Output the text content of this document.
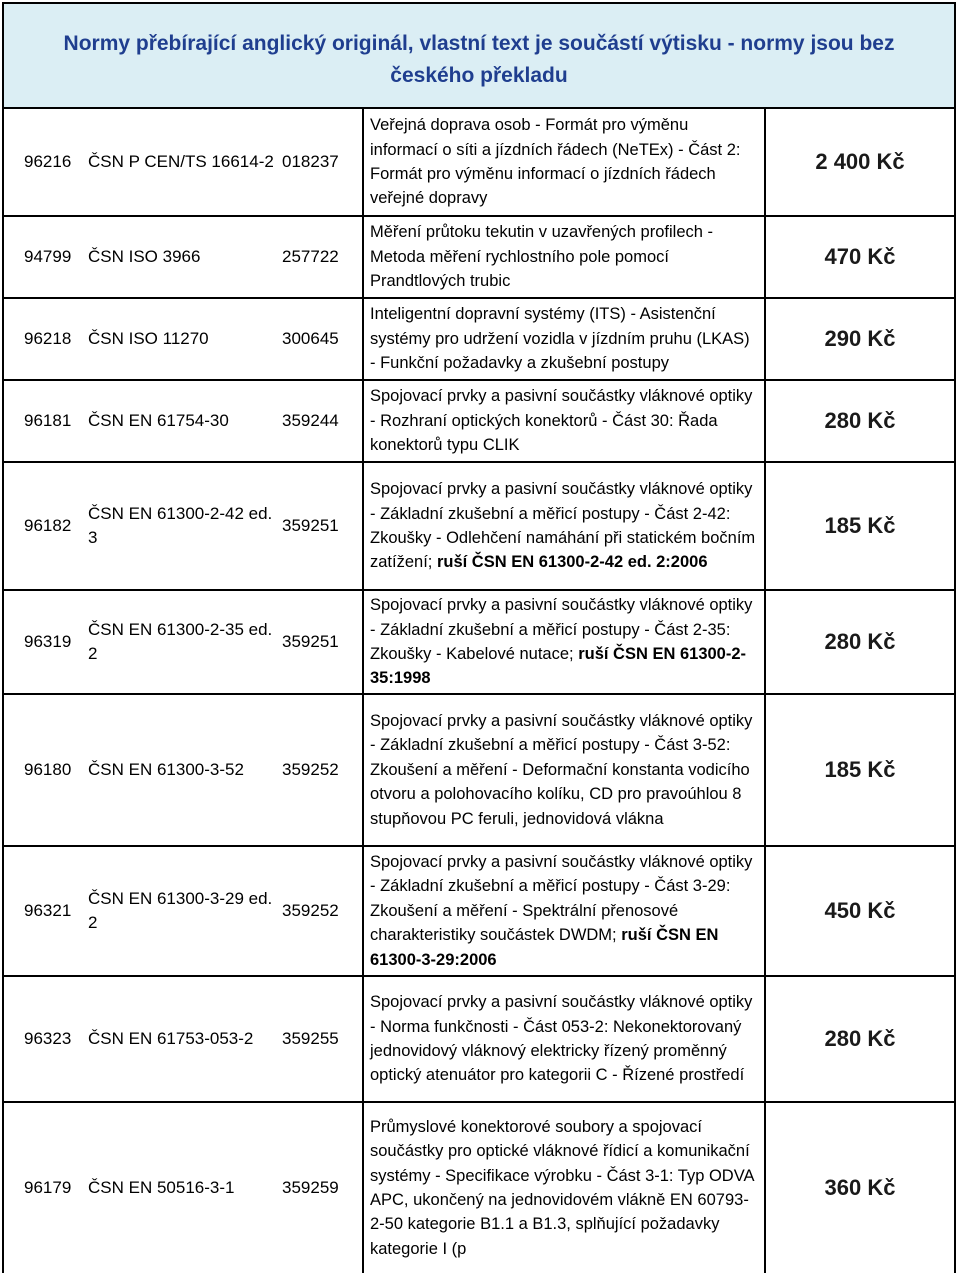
Normy přebírající anglický originál, vlastní text je součástí výtisku - normy jsou bez českého překladu
96216 ČSN P CEN/TS 16614-2 018237
Veřejná doprava osob - Formát pro výměnu informací o síti a jízdních řádech (NeTEx) - Část 2: Formát pro výměnu informací o jízdních řádech veřejné dopravy
2 400 Kč
94799 ČSN ISO 3966	257722
Měření průtoku tekutin v uzavřených profilech - Metoda měření rychlostního pole pomocí Prandtlových trubic
470 Kč
96218 ČSN ISO 11270	300645
Inteligentní dopravní systémy (ITS) - Asistenční systémy pro udržení vozidla v jízdním pruhu (LKAS) - Funkční požadavky a zkušební postupy
290 Kč
96181 ČSN EN 61754-30	359244
Spojovací prvky a pasivní součástky vláknové optiky - Rozhraní optických konektorů - Část 30: Řada konektorů typu CLIK
280 Kč
96182
ČSN EN 61300-2-42 ed. 3
359251
Spojovací prvky a pasivní součástky vláknové optiky - Základní zkušební a měřicí postupy - Část 2-42: Zkoušky - Odlehčení namáhání při statickém bočním zatížení; ruší ČSN EN 61300-2-42 ed. 2:2006
185 Kč
96319
ČSN EN 61300-2-35 ed. 2
359251
Spojovací prvky a pasivní součástky vláknové optiky - Základní zkušební a měřicí postupy - Část 2-35: Zkoušky - Kabelové nutace; ruší ČSN EN 61300-2-35:1998
280 Kč
96180 ČSN EN 61300-3-52 359252
Spojovací prvky a pasivní součástky vláknové optiky - Základní zkušební a měřicí postupy - Část 3-52: Zkoušení a měření - Deformační konstanta vodicího otvoru a polohovacího kolíku, CD pro pravoúhlou 8 stupňovou PC feruli, jednovidová vlákna
185 Kč
96321
ČSN EN 61300-3-29 ed. 2
359252
Spojovací prvky a pasivní součástky vláknové optiky - Základní zkušební a měřicí postupy - Část 3-29: Zkoušení a měření - Spektrální přenosové charakteristiky součástek DWDM; ruší ČSN EN 61300-3-29:2006
450 Kč
96323 ČSN EN 61753-053-2 359255
Spojovací prvky a pasivní součástky vláknové optiky - Norma funkčnosti - Část 053-2: Nekonektorovaný jednovidový vláknový elektricky řízený proměnný optický atenuátor pro kategorii C - Řízené prostředí
280 Kč
96179 ČSN EN 50516-3-1	359259
Průmyslové konektorové soubory a spojovací součástky pro optické vláknové řídicí a komunikační systémy - Specifikace výrobku - Část 3-1: Typ ODVA APC, ukončený na jednovidovém vlákně EN 60793-2-50 kategorie B1.1 a B1.3, splňující požadavky kategorie I (p
360 Kč
